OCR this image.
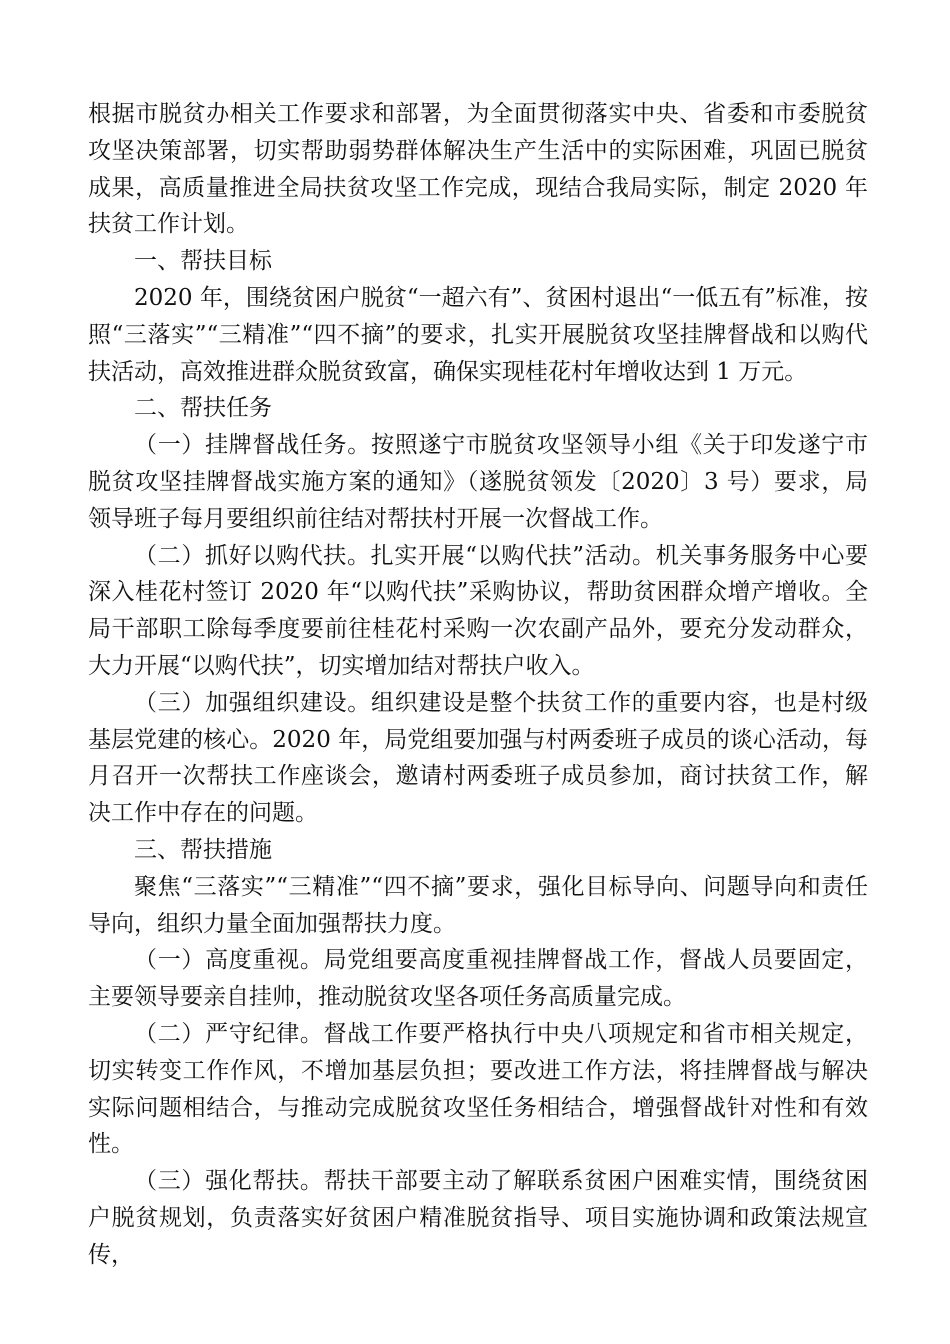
根据市脱贫办相关工作要求和部署，为全面贯彻落实中央、省委和市委脱贫攻坚决策部署，切实帮助弱势群体解决生产生活中的实际困难，巩固已脱贫成果，高质量推进全局扶贫攻坚工作完成，现结合我局实际，制定 2020 年扶贫工作计划。

一、帮扶目标

2020 年，围绕贫困户脱贫“一超六有”、贫困村退出“一低五有”标准，按照“三落实”“三精准”“四不摘”的要求，扎实开展脱贫攻坚挂牌督战和以购代扶活动，高效推进群众脱贫致富，确保实现桂花村年增收达到 1 万元。

二、帮扶任务

（一）挂牌督战任务。按照遂宁市脱贫攻坚领导小组《关于印发遂宁市脱贫攻坚挂牌督战实施方案的通知》（遂脱贫领发〔2020〕3 号）要求，局领导班子每月要组织前往结对帮扶村开展一次督战工作。

（二）抓好以购代扶。扎实开展“以购代扶”活动。机关事务服务中心要深入桂花村签订 2020 年“以购代扶”采购协议，帮助贫困群众增产增收。全局干部职工除每季度要前往桂花村采购一次农副产品外，要充分发动群众，大力开展“以购代扶”，切实增加结对帮扶户收入。

（三）加强组织建设。组织建设是整个扶贫工作的重要内容，也是村级基层党建的核心。2020 年，局党组要加强与村两委班子成员的谈心活动，每月召开一次帮扶工作座谈会，邀请村两委班子成员参加，商讨扶贫工作，解决工作中存在的问题。

三、帮扶措施

聚焦“三落实”“三精准”“四不摘”要求，强化目标导向、问题导向和责任导向，组织力量全面加强帮扶力度。

（一）高度重视。局党组要高度重视挂牌督战工作，督战人员要固定，主要领导要亲自挂帅，推动脱贫攻坚各项任务高质量完成。

（二）严守纪律。督战工作要严格执行中央八项规定和省市相关规定，切实转变工作作风，不增加基层负担；要改进工作方法，将挂牌督战与解决实际问题相结合，与推动完成脱贫攻坚任务相结合，增强督战针对性和有效性。

（三）强化帮扶。帮扶干部要主动了解联系贫困户困难实情，围绕贫困户脱贫规划，负责落实好贫困户精准脱贫指导、项目实施协调和政策法规宣传，
